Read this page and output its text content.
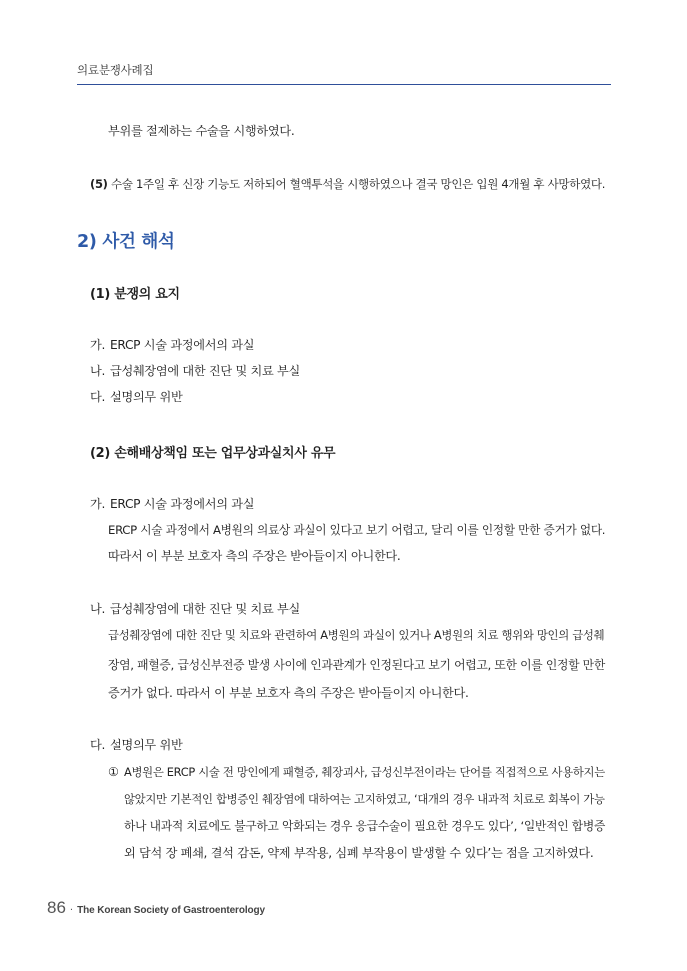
의료분쟁사례집
부위를 절제하는 수술을 시행하였다.
(5) 수술 1주일 후 신장 기능도 저하되어 혈액투석을 시행하였으나 결국 망인은 입원 4개월 후 사망하였다.
2) 사건 해석
(1) 분쟁의 요지
가. ERCP 시술 과정에서의 과실
나. 급성췌장염에 대한 진단 및 치료 부실
다. 설명의무 위반
(2) 손해배상책임 또는 업무상과실치사 유무
가. ERCP 시술 과정에서의 과실
ERCP 시술 과정에서 A병원의 의료상 과실이 있다고 보기 어렵고, 달리 이를 인정할 만한 증거가 없다.
따라서 이 부분 보호자 측의 주장은 받아들이지 아니한다.
나. 급성췌장염에 대한 진단 및 치료 부실
급성췌장염에 대한 진단 및 치료와 관련하여 A병원의 과실이 있거나 A병원의 치료 행위와 망인의 급성췌
장염, 패혈증, 급성신부전증 발생 사이에 인과관계가 인정된다고 보기 어렵고, 또한 이를 인정할 만한
증거가 없다. 따라서 이 부분 보호자 측의 주장은 받아들이지 아니한다.
다. 설명의무 위반
① A병원은 ERCP 시술 전 망인에게 패혈증, 췌장괴사, 급성신부전이라는 단어를 직접적으로 사용하지는
않았지만 기본적인 합병증인 췌장염에 대하여는 고지하였고, ‘대개의 경우 내과적 치료로 회복이 가능
하나 내과적 치료에도 불구하고 악화되는 경우 응급수술이 필요한 경우도 있다’, ‘일반적인 합병증
외 담석 장 폐쇄, 결석 감돈, 약제 부작용, 심폐 부작용이 발생할 수 있다’는 점을 고지하였다.
86 · The Korean Society of Gastroenterology
